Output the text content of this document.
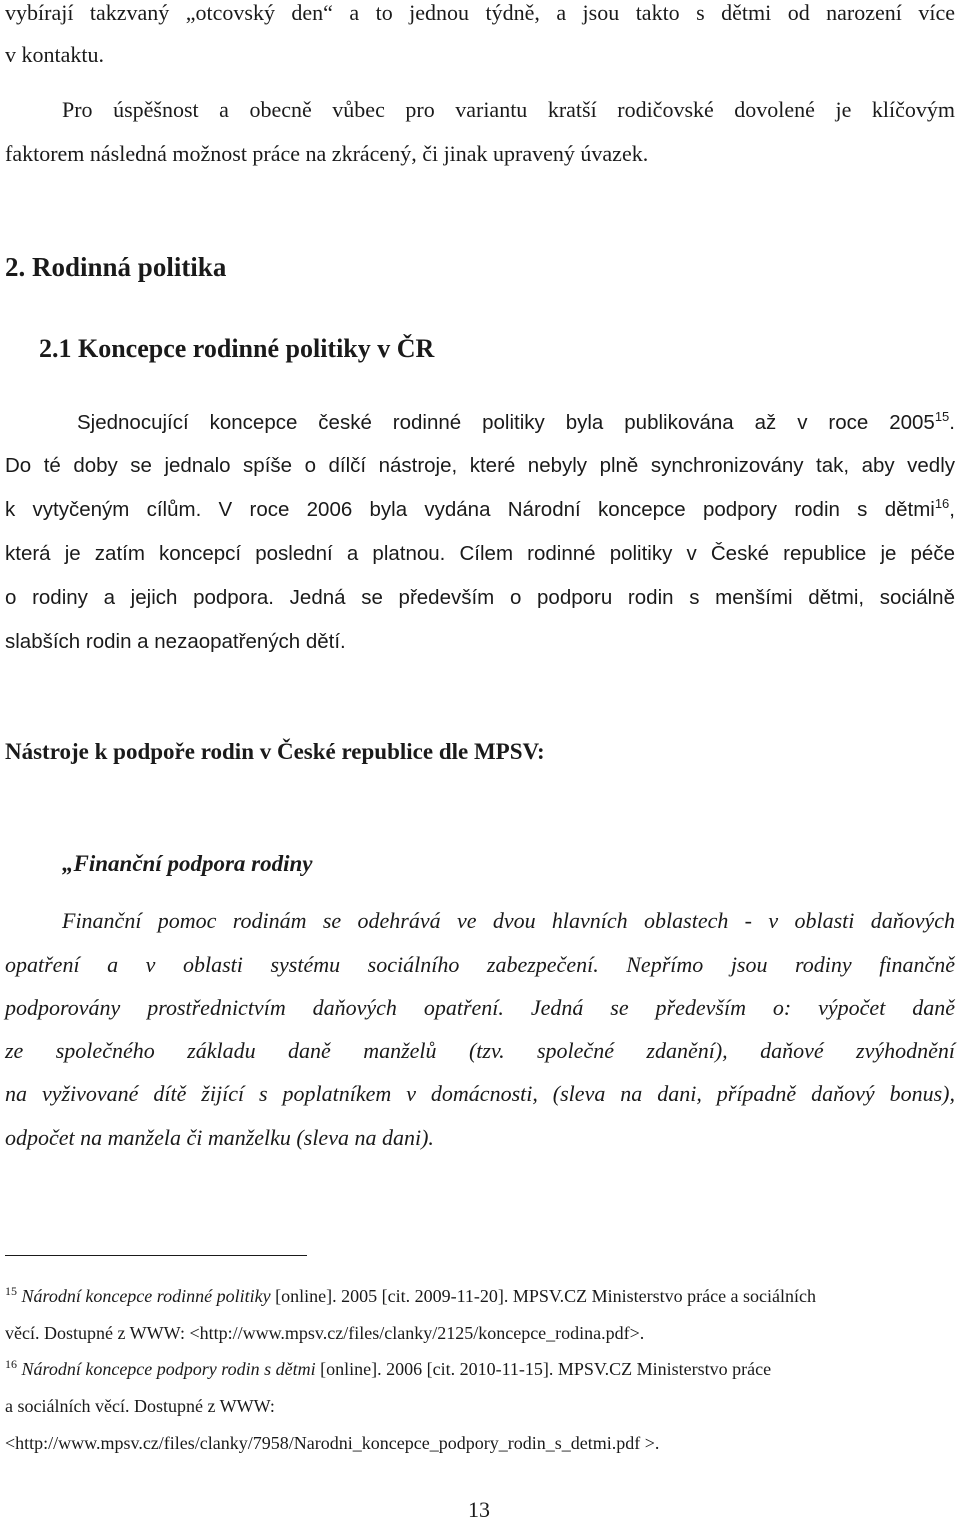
vybírají takzvaný „otcovský den“ a to jednou týdně, a jsou takto s dětmi od narození více
v kontaktu.
Pro úspěšnost a obecně vůbec pro variantu kratší rodičovské dovolené je klíčovým
faktorem následná možnost práce na zkrácený, či jinak upravený úvazek.
2. Rodinná politika
2.1 Koncepce rodinné politiky v ČR
Sjednocující koncepce české rodinné politiky byla publikována až v roce 2005$^{15}$.
Do té doby se jednalo spíše o dílčí nástroje, které nebyly plně synchronizovány tak, aby vedly
k vytyčeným cílům. V roce 2006 byla vydána Národní koncepce podpory rodin s dětmi$^{16}$,
která je zatím koncepcí poslední a platnou. Cílem rodinné politiky v České republice je péče
o rodiny a jejich podpora. Jedná se především o podporu rodin s menšími dětmi, sociálně
slabších rodin a nezaopatřených dětí.
Nástroje k podpoře rodin v České republice dle MPSV:
„Finanční podpora rodiny
Finanční pomoc rodinám se odehrává ve dvou hlavních oblastech - v oblasti daňových
opatření a v oblasti systému sociálního zabezpečení. Nepřímo jsou rodiny finančně
podporovány prostřednictvím daňových opatření. Jedná se především o: výpočet daně
ze společného základu daně manželů (tzv. společné zdanění), daňové zvýhodnění
na vyživované dítě žijící s poplatníkem v domácnosti, (sleva na dani, případně daňový bonus),
odpočet na manžela či manželku (sleva na dani).
$^{15}$ Národní koncepce rodinné politiky [online]. 2005 [cit. 2009-11-20]. MPSV.CZ Ministerstvo práce a sociálních
věcí. Dostupné z WWW: <http://www.mpsv.cz/files/clanky/2125/koncepce_rodina.pdf>.
$^{16}$ Národní koncepce podpory rodin s dětmi [online]. 2006 [cit. 2010-11-15]. MPSV.CZ Ministerstvo práce
a sociálních věcí. Dostupné z WWW:
<http://www.mpsv.cz/files/clanky/7958/Narodni_koncepce_podpory_rodin_s_detmi.pdf >.
13
